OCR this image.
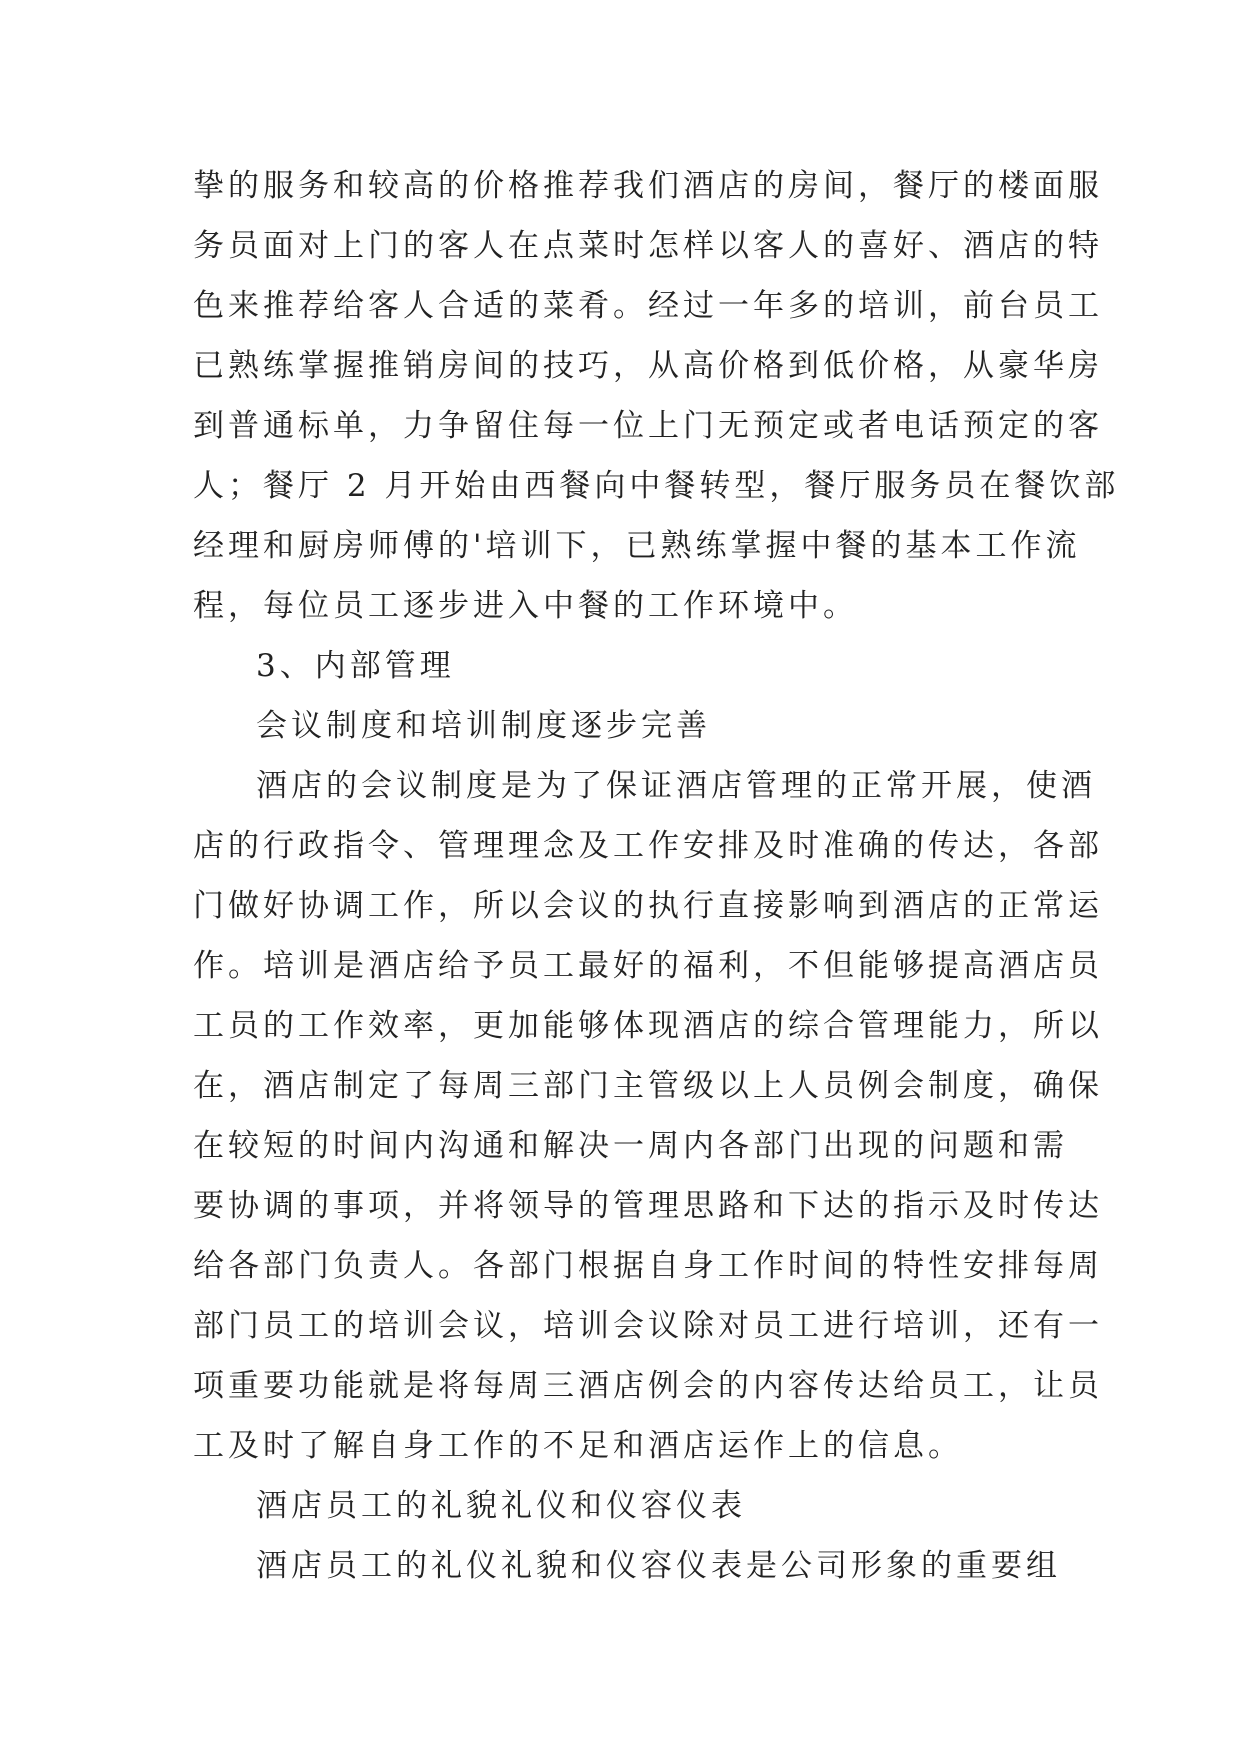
挚的服务和较高的价格推荐我们酒店的房间，餐厅的楼面服
务员面对上门的客人在点菜时怎样以客人的喜好、酒店的特
色来推荐给客人合适的菜肴。经过一年多的培训，前台员工
已熟练掌握推销房间的技巧，从高价格到低价格，从豪华房
到普通标单，力争留住每一位上门无预定或者电话预定的客
人；餐厅 2 月开始由西餐向中餐转型，餐厅服务员在餐饮部
经理和厨房师傅的'培训下，已熟练掌握中餐的基本工作流
程，每位员工逐步进入中餐的工作环境中。
3、内部管理
会议制度和培训制度逐步完善
酒店的会议制度是为了保证酒店管理的正常开展，使酒
店的行政指令、管理理念及工作安排及时准确的传达，各部
门做好协调工作，所以会议的执行直接影响到酒店的正常运
作。培训是酒店给予员工最好的福利，不但能够提高酒店员
工员的工作效率，更加能够体现酒店的综合管理能力，所以
在，酒店制定了每周三部门主管级以上人员例会制度，确保
在较短的时间内沟通和解决一周内各部门出现的问题和需
要协调的事项，并将领导的管理思路和下达的指示及时传达
给各部门负责人。各部门根据自身工作时间的特性安排每周
部门员工的培训会议，培训会议除对员工进行培训，还有一
项重要功能就是将每周三酒店例会的内容传达给员工，让员
工及时了解自身工作的不足和酒店运作上的信息。
酒店员工的礼貌礼仪和仪容仪表
酒店员工的礼仪礼貌和仪容仪表是公司形象的重要组
